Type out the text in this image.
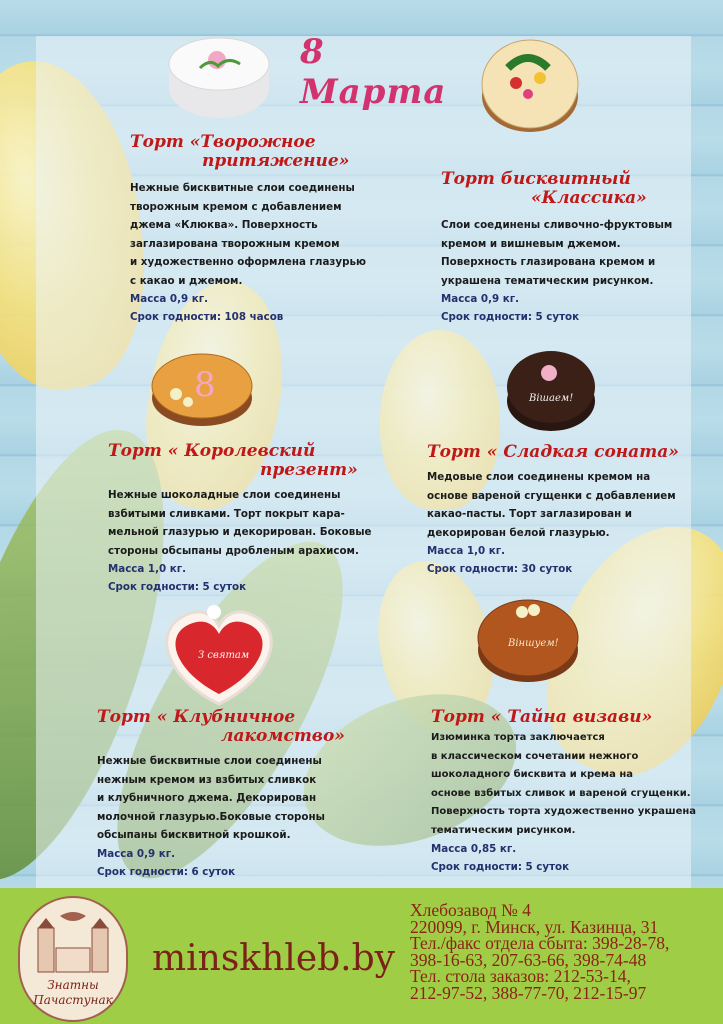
8 Марта
8	Вішаем!
З святам
Віншуем!

Торт «Творожное

притяжение»

Нежные бисквитные слои соединены
творожным кремом с добавлением
джема «Клюква». Поверхность
заглазирована творожным кремом
и художественно оформлена глазурью
с какао и джемом.

Масса 0,9 кг.

Срок годности: 108 часов

Торт бисквитный

«Классика»

Слои соединены сливочно-фруктовым
кремом и вишневым джемом.
Поверхность глазирована кремом и
украшена тематическим рисунком.

Масса 0,9 кг.

Срок годности: 5 суток

Торт « Королевский

презент»

Нежные шоколадные слои соединены
взбитыми сливками. Торт покрыт кара-
мельной глазурью и декорирован. Боковые
стороны обсыпаны дробленым арахисом.

Масса 1,0 кг.

Срок годности: 5 суток

Торт « Сладкая соната»

Медовые слои соединены кремом на
основе вареной сгущенки с добавлением
какао-пасты. Торт заглазирован и
декорирован белой глазурью.

Масса 1,0 кг.

Срок годности: 30 суток

Торт « Клубничное

лакомство»

Нежные бисквитные слои соединены
нежным кремом из взбитых сливкок
и клубничного джема. Декорирован
молочной глазурью.Боковые стороны
обсыпаны бисквитной крошкой.

Масса 0,9 кг.

Срок годности: 6 суток

Торт « Тайна визави»

Изюминка торта заключается
в классическом сочетании нежного
шоколадного бисквита и крема на
основе взбитых сливок и вареной сгущенки.
Поверхность торта художественно украшена
тематическим рисунком.

Масса 0,85 кг.

Срок годности: 5 суток

Знатны
Пачастунак
minskhleb.by
Хлебозавод № 4
220099, г. Минск, ул. Казинца, 31
Тел./факс отдела сбыта: 398-28-78,
398-16-63, 207-63-66, 398-74-48
Тел. стола заказов: 212-53-14,
212-97-52, 388-77-70, 212-15-97
